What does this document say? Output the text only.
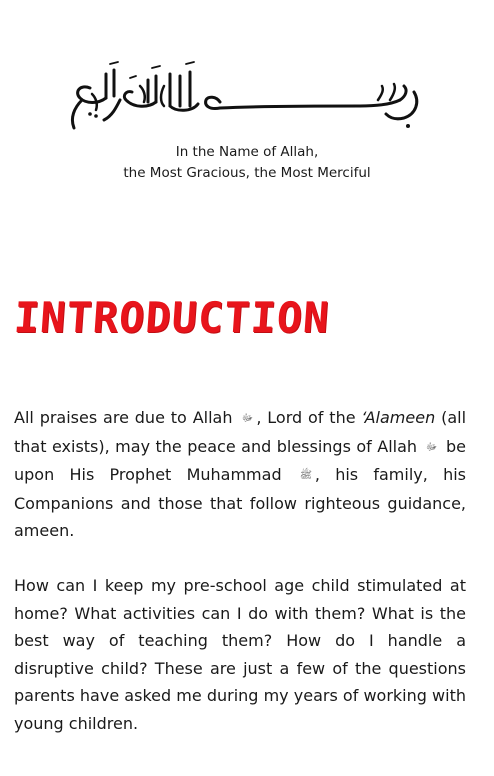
In the Name of Allah,
the Most Gracious, the Most Merciful
INTRODUCTION

All praises are due to Allah ﷻ , Lord of the ‘Alameen (all that exists), may the peace and blessings of Allah ﷻ be upon His Prophet Muhammad ﷺ , his family, his Companions and those that follow righteous guidance, ameen.

How can I keep my pre-school age child stimulated at home? What activities can I do with them? What is the best way of teaching them? How do I handle a disruptive child? These are just a few of the questions parents have asked me during my years of working with young children.
